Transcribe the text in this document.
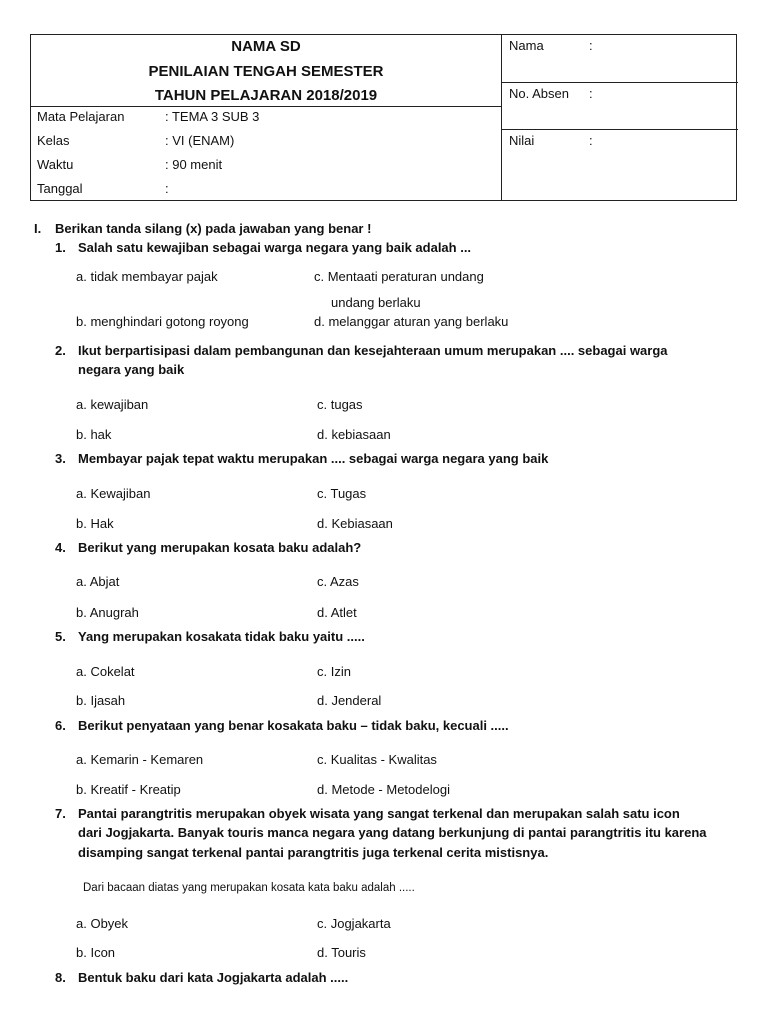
NAMA SD
PENILAIAN TENGAH SEMESTER
TAHUN PELAJARAN 2018/2019
Mata Pelajaran	: TEMA 3 SUB 3
Kelas	: VI (ENAM)
Waktu	: 90 menit
Tanggal	:
Nama	:
No. Absen :
Nilai	:
I. Berikan tanda silang (x) pada jawaban yang benar !
1. Salah satu kewajiban sebagai warga negara yang baik adalah ...
a. tidak membayar pajak	c. Mentaati peraturan undang
undang berlaku
b. menghindari gotong royong	d. melanggar aturan yang berlaku
2. Ikut berpartisipasi dalam pembangunan dan kesejahteraan umum merupakan .... sebagai warga
negara yang baik
a. kewajiban	c. tugas
b. hak	d. kebiasaan
3. Membayar pajak tepat waktu merupakan .... sebagai warga negara yang baik
a. Kewajiban	c. Tugas
b. Hak	d. Kebiasaan
4. Berikut yang merupakan kosata baku adalah?
a. Abjat	c. Azas
b. Anugrah	d. Atlet
5. Yang merupakan kosakata tidak baku yaitu .....
a. Cokelat	c. Izin
b. Ijasah	d. Jenderal
6. Berikut penyataan yang benar kosakata baku – tidak baku, kecuali .....
a. Kemarin - Kemaren	c. Kualitas - Kwalitas
b. Kreatif - Kreatip	d. Metode - Metodelogi
7. Pantai parangtritis merupakan obyek wisata yang sangat terkenal dan merupakan salah satu icon
dari Jogjakarta. Banyak touris manca negara yang datang berkunjung di pantai parangtritis itu karena
disamping sangat terkenal pantai parangtritis juga terkenal cerita mistisnya.
Dari bacaan diatas yang merupakan kosata kata baku adalah .....
a. Obyek	c. Jogjakarta
b. Icon	d. Touris
8. Bentuk baku dari kata Jogjakarta adalah .....
